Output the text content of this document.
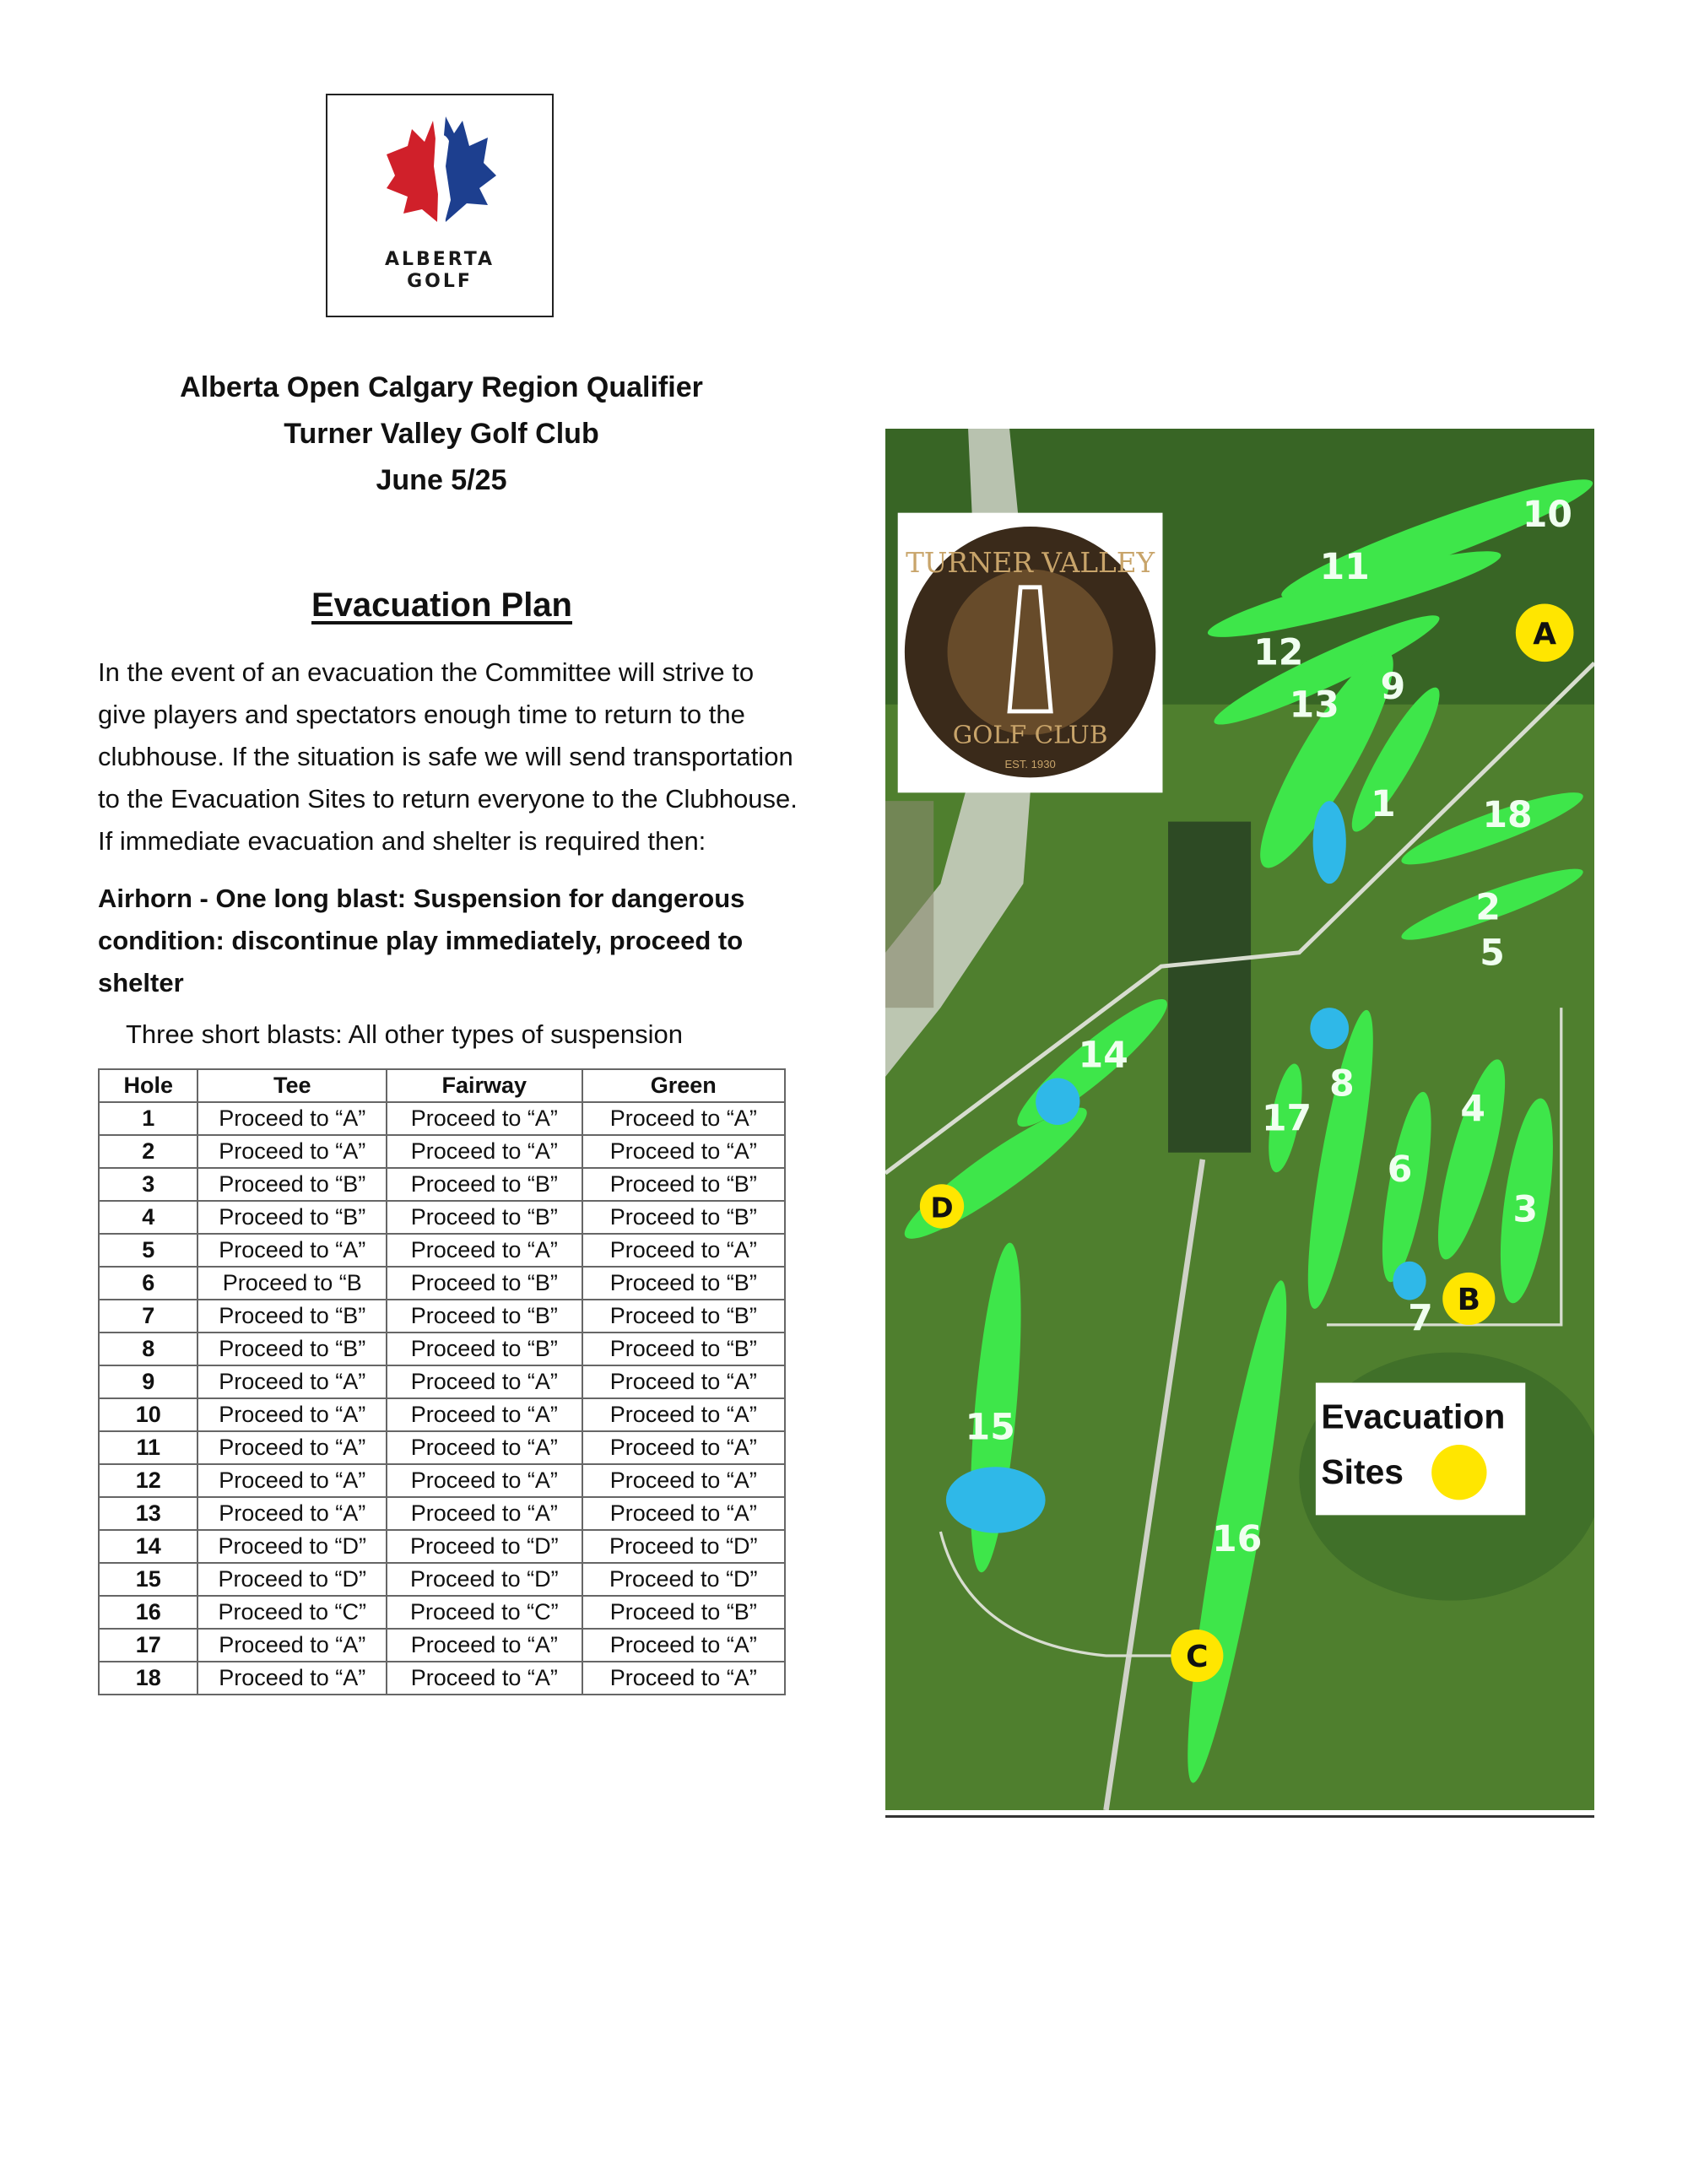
ALBERTA
GOLF
Alberta Open Calgary Region Qualifier
Turner Valley Golf Club
June 5/25
Evacuation Plan
In the event of an evacuation the Committee will strive to give players and spectators enough time to return to the clubhouse. If the situation is safe we will send transportation to the Evacuation Sites to return everyone to the Clubhouse. If immediate evacuation and shelter is required then:
Airhorn - One long blast: Suspension for dangerous condition: discontinue play immediately, proceed to shelter
Three short blasts: All other types of suspension
Hole	Tee	Fairway	Green
1	Proceed to “A”	Proceed to “A”	Proceed to “A”
2	Proceed to “A”	Proceed to “A”	Proceed to “A”
3	Proceed to “B”	Proceed to “B”	Proceed to “B”
4	Proceed to “B”	Proceed to “B”	Proceed to “B”
5	Proceed to “A”	Proceed to “A”	Proceed to “A”
6	Proceed to “B	Proceed to “B”	Proceed to “B”
7	Proceed to “B”	Proceed to “B”	Proceed to “B”
8	Proceed to “B”	Proceed to “B”	Proceed to “B”
9	Proceed to “A”	Proceed to “A”	Proceed to “A”
10	Proceed to “A”	Proceed to “A”	Proceed to “A”
11	Proceed to “A”	Proceed to “A”	Proceed to “A”
12	Proceed to “A”	Proceed to “A”	Proceed to “A”
13	Proceed to “A”	Proceed to “A”	Proceed to “A”
14	Proceed to “D”	Proceed to “D”	Proceed to “D”
15	Proceed to “D”	Proceed to “D”	Proceed to “D”
16	Proceed to “C”	Proceed to “C”	Proceed to “B”
17	Proceed to “A”	Proceed to “A”	Proceed to “A”
18	Proceed to “A”	Proceed to “A”	Proceed to “A”
TURNER VALLEY
GOLF CLUB
EST. 1930
1
2
3
4
5
6
7
8
9
10
11
12
13
14
15
16
17
18
A
B
C
D
Evacuation
Sites
